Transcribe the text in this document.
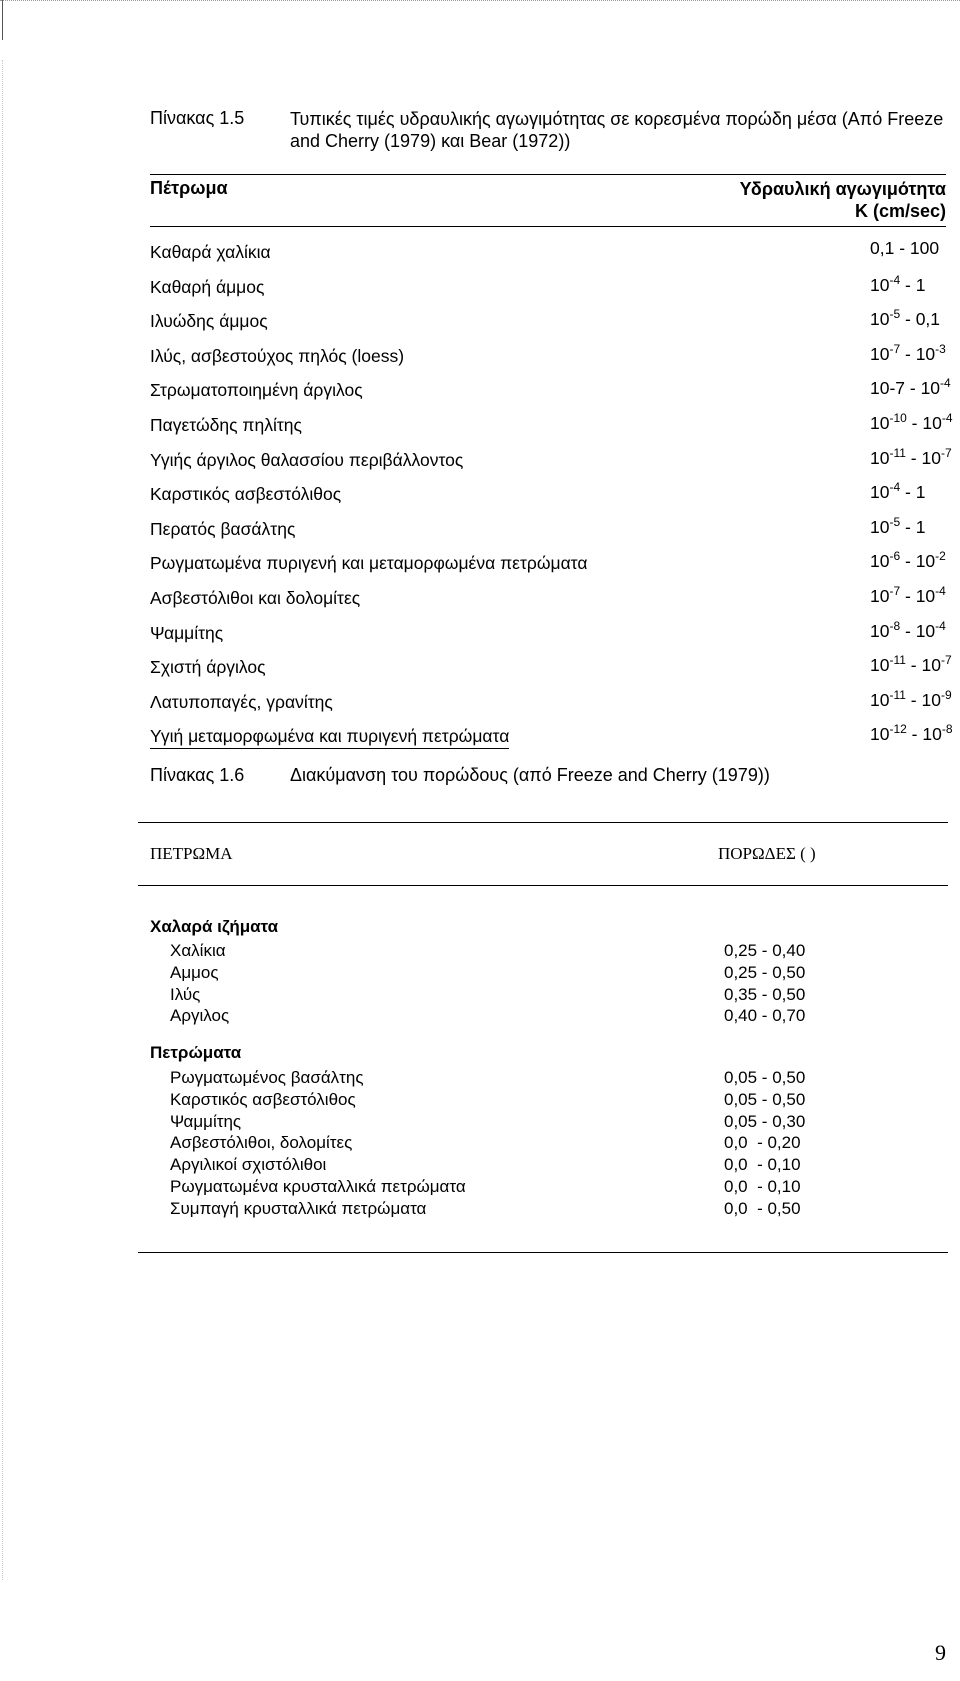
Πίνακας 1.5	Τυπικές τιμές υδραυλικής αγωγιμότητας σε κορεσμένα πορώδη μέσα (Από Freeze and Cherry (1979) και Bear (1972))
Πέτρωμα	Υδραυλική αγωγιμότητα
K (cm/sec)
Καθαρά χαλίκια	0,1 - 100
Καθαρή άμμος	$10^{-4} - 1$
Ιλυώδης άμμος	$10^{-5} - 0,1$
Ιλύς, ασβεστούχος πηλός (loess)	$10^{-7} - 10^{-3}$
Στρωματοποιημένη άργιλος	$10-7 - 10^{-4}$
Παγετώδης πηλίτης	$10^{-10} - 10^{-4}$
Υγιής άργιλος θαλασσίου περιβάλλοντος	$10^{-11} - 10^{-7}$
Καρστικός ασβεστόλιθος	$10^{-4} - 1$
Περατός βασάλτης	$10^{-5} - 1$
Ρωγματωμένα πυριγενή και μεταμορφωμένα πετρώματα	$10^{-6} - 10^{-2}$
Ασβεστόλιθοι και δολομίτες	$10^{-7} - 10^{-4}$
Ψαμμίτης	$10^{-8} - 10^{-4}$
Σχιστή άργιλος	$10^{-11} - 10^{-7}$
Λατυποπαγές, γρανίτης	$10^{-11} - 10^{-9}$
Υγιή μεταμορφωμένα και πυριγενή πετρώματα	$10^{-12} - 10^{-8}$
Πίνακας 1.6	Διακύμανση του πορώδους (από Freeze and Cherry (1979))
ΠΕΤΡΩΜΑ	ΠΟΡΩΔΕΣ ( )
Χαλαρά ιζήματα
Χαλίκια	0,25 - 0,40
Αμμος	0,25 - 0,50
Ιλύς	0,35 - 0,50
Αργιλος	0,40 - 0,70
Πετρώματα
Ρωγματωμένος βασάλτης	0,05 - 0,50
Καρστικός ασβεστόλιθος	0,05 - 0,50
Ψαμμίτης	0,05 - 0,30
Ασβεστόλιθοι, δολομίτες	0,0  - 0,20
Αργιλικοί σχιστόλιθοι	0,0  - 0,10
Ρωγματωμένα κρυσταλλικά πετρώματα	0,0  - 0,10
Συμπαγή κρυσταλλικά πετρώματα	0,0  - 0,50
9
